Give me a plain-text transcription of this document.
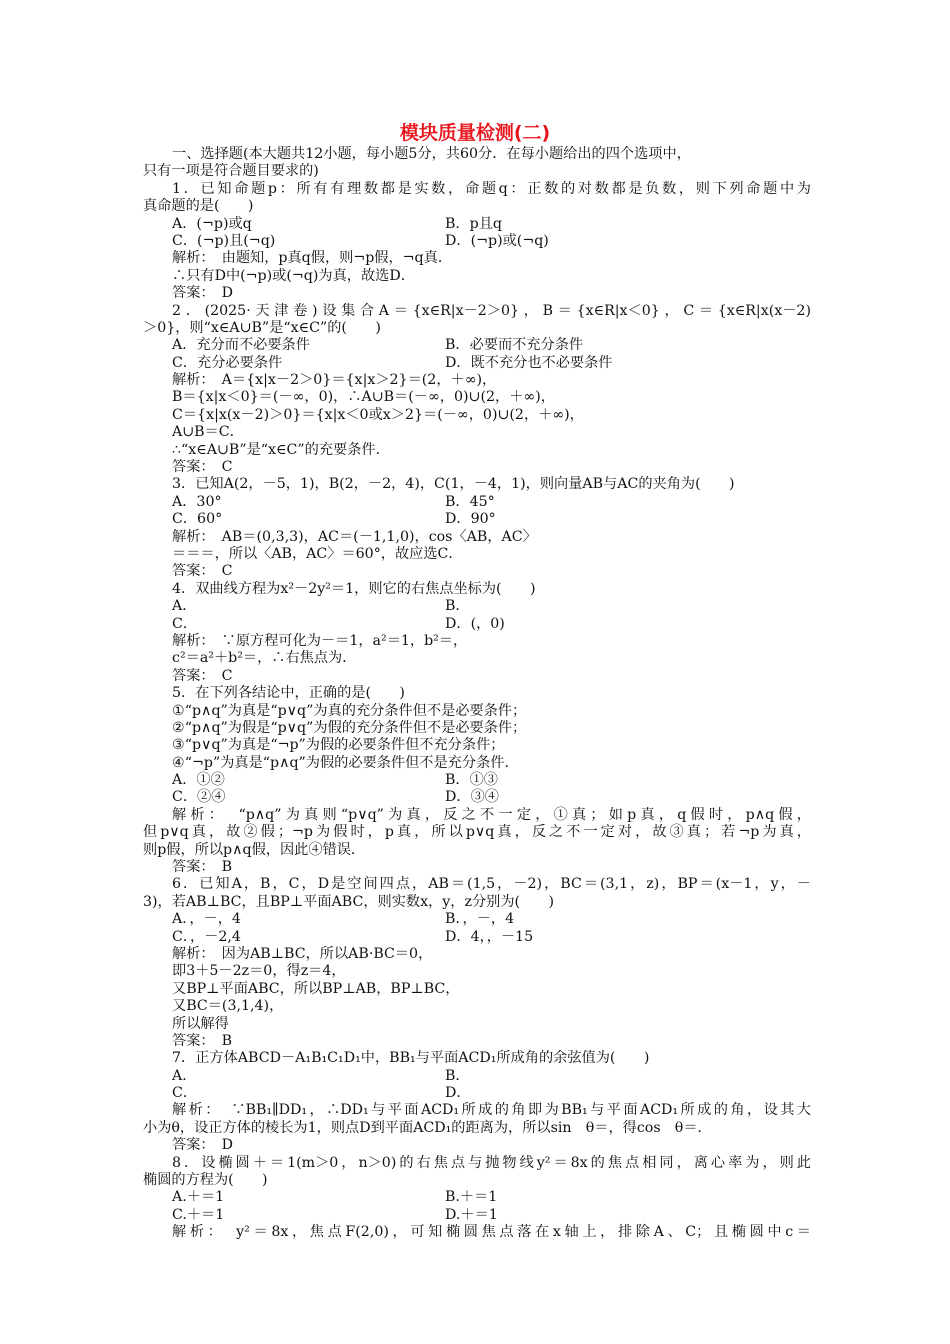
模块质量检测(二)
一、选择题(本大题共12小题，每小题5分，共60分．在每小题给出的四个选项中，
只有一项是符合题目要求的)
1．已知命题p：所有有理数都是实数，命题q：正数的对数都是负数，则下列命题中为
真命题的是(　　)
A．(¬p)或q	B．p且q
C．(¬p)且(¬q)	D．(¬p)或(¬q)
解析：　由题知，p真q假，则¬p假，¬q真．
∴只有D中(¬p)或(¬q)为真，故选D．
答案：　D
2．(2025·天津卷)设集合A＝{x∈R|x－2＞0}，B＝{x∈R|x＜0}，C＝{x∈R|x(x－2)
＞0}，则“x∈A∪B”是“x∈C”的(　　)
A．充分而不必要条件	B．必要而不充分条件
C．充分必要条件	D．既不充分也不必要条件
解析：　A＝{x|x－2＞0}＝{x|x＞2}＝(2，＋∞)，
B＝{x|x＜0}＝(－∞，0)，∴A∪B＝(－∞，0)∪(2，＋∞)，
C＝{x|x(x－2)＞0}＝{x|x＜0或x＞2}＝(－∞，0)∪(2，＋∞)，
A∪B＝C．
∴“x∈A∪B”是“x∈C”的充要条件．
答案：　C
3．已知A(2，－5，1)，B(2，－2，4)，C(1，－4，1)，则向量AB与AC的夹角为(　　)
A．30°	B．45°
C．60°	D．90°
解析：　AB＝(0,3,3)，AC＝(－1,1,0)，cos〈AB，AC〉
＝＝＝，所以〈AB，AC〉＝60°，故应选C．
答案：　C
4．双曲线方程为x²－2y²＝1，则它的右焦点坐标为(　　)
A．	B．
C．	D．(，0)
解析：　∵原方程可化为－＝1，a²＝1，b²＝，
c²＝a²＋b²＝，∴右焦点为．
答案：　C
5．在下列各结论中，正确的是(　　)
①“p∧q”为真是“p∨q”为真的充分条件但不是必要条件；
②“p∧q”为假是“p∨q”为假的充分条件但不是必要条件；
③“p∨q”为真是“¬p”为假的必要条件但不充分条件；
④“¬p”为真是“p∧q”为假的必要条件但不是充分条件．
A．①②	B．①③
C．②④	D．③④
解析：　“p∧q”为真则“p∨q”为真，反之不一定，①真；如p真，q假时，p∧q假，
但p∨q真，故②假；¬p为假时，p真，所以p∨q真，反之不一定对，故③真；若¬p为真，
则p假，所以p∧q假，因此④错误．
答案：　B
6．已知A，B，C，D是空间四点，AB＝(1,5，－2)，BC＝(3,1，z)，BP＝(x－1，y，－
3)，若AB⊥BC，且BP⊥平面ABC，则实数x，y，z分别为(　　)
A．，－，4	B．，－，4
C．，－2,4	D．4，，－15
解析：　因为AB⊥BC，所以AB·BC＝0，
即3＋5－2z＝0，得z＝4，
又BP⊥平面ABC，所以BP⊥AB，BP⊥BC，
又BC＝(3,1,4)，
所以解得
答案：　B
7．正方体ABCD－A₁B₁C₁D₁中，BB₁与平面ACD₁所成角的余弦值为(　　)
A．	B．
C．	D．
解析：　∵BB₁∥DD₁，∴DD₁与平面ACD₁所成的角即为BB₁与平面ACD₁所成的角，设其大
小为θ，设正方体的棱长为1，则点D到平面ACD₁的距离为，所以sin　θ＝，得cos　θ＝．
答案：　D
8．设椭圆＋＝1(m＞0，n＞0)的右焦点与抛物线y²＝8x的焦点相同，离心率为，则此
椭圆的方程为(　　)
A.＋＝1	B.＋＝1
C.＋＝1	D.＋＝1
解析：　y²＝8x，焦点F(2,0)，可知椭圆焦点落在x轴上，排除A、C；且椭圆中c＝
